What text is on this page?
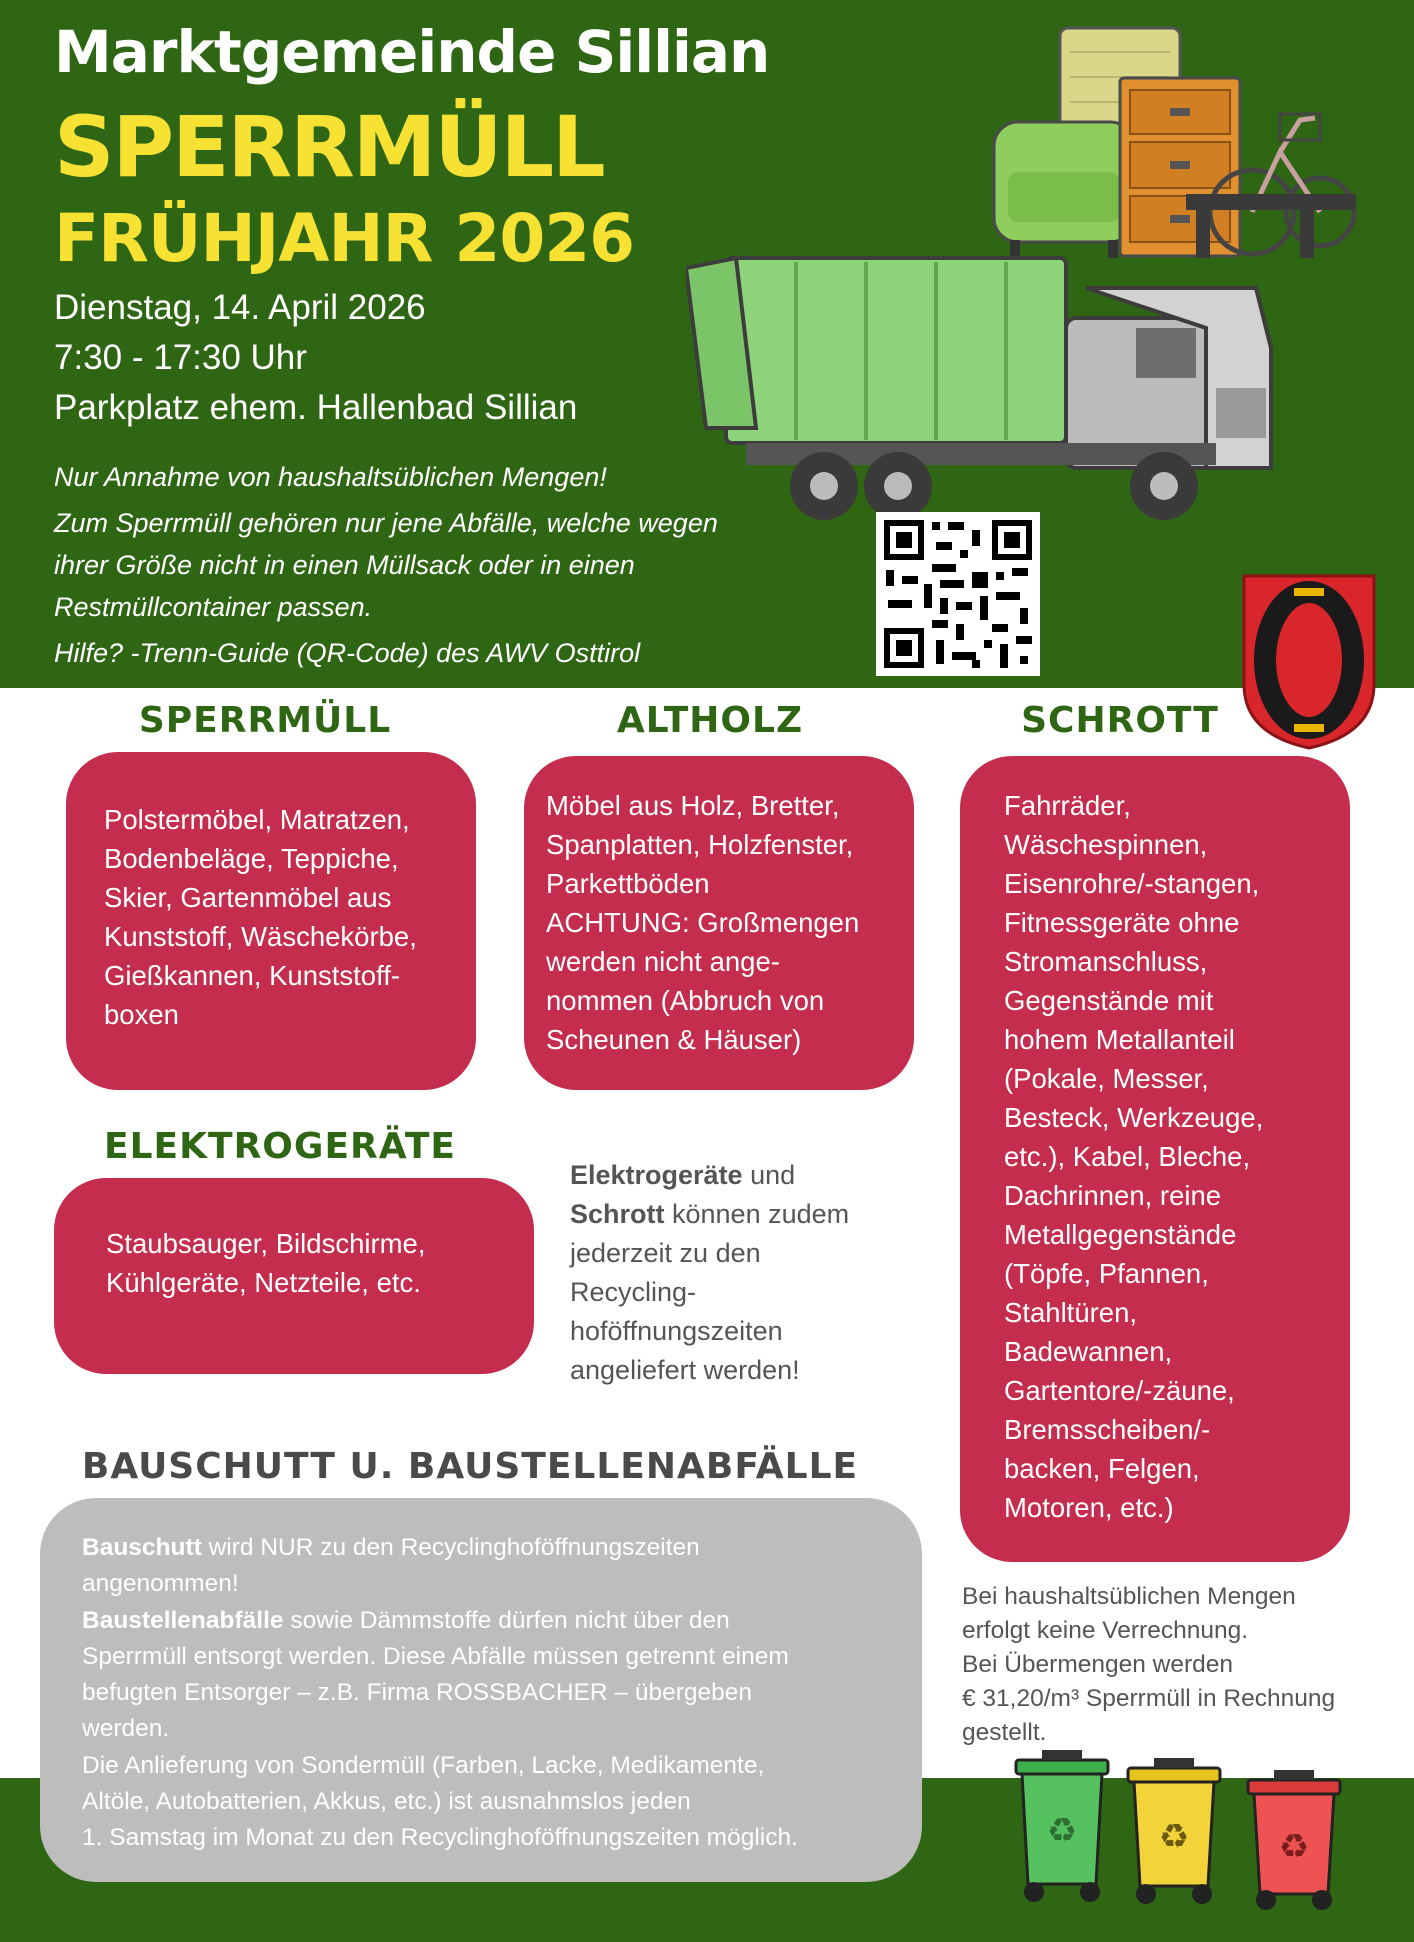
Marktgemeinde Sillian
SPERRMÜLL
FRÜHJAHR 2026
Dienstag, 14. April 2026
7:30 - 17:30 Uhr
Parkplatz ehem. Hallenbad Sillian
Nur Annahme von haushaltsüblichen Mengen!
Zum Sperrmüll gehören nur jene Abfälle, welche wegen
ihrer Größe nicht in einen Müllsack oder in einen
Restmüllcontainer passen.
Hilfe? -Trenn-Guide (QR-Code) des AWV Osttirol
SPERRMÜLL	ALTHOLZ	SCHROTT
ELEKTROGERÄTE
BAUSCHUTT U. BAUSTELLENABFÄLLE
Polstermöbel, Matratzen,
Bodenbeläge, Teppiche,
Skier, Gartenmöbel aus
Kunststoff, Wäschekörbe,
Gießkannen, Kunststoff-
boxen
Möbel aus Holz, Bretter,
Spanplatten, Holzfenster,
Parkettböden
ACHTUNG: Großmengen
werden nicht ange-
nommen (Abbruch von
Scheunen & Häuser)
Fahrräder,
Wäschespinnen,
Eisenrohre/-stangen,
Fitnessgeräte ohne
Stromanschluss,
Gegenstände mit
hohem Metallanteil
(Pokale, Messer,
Besteck, Werkzeuge,
etc.), Kabel, Bleche,
Dachrinnen, reine
Metallgegenstände
(Töpfe, Pfannen,
Stahltüren,
Badewannen,
Gartentore/-zäune,
Bremsscheiben/-
backen, Felgen,
Motoren, etc.)
Staubsauger, Bildschirme,
Kühlgeräte, Netzteile, etc.
Elektrogeräte und
Schrott können zudem
jederzeit zu den
Recycling-
hoföffnungszeiten
angeliefert werden!
Bauschutt wird NUR zu den Recyclinghoföffnungszeiten
angenommen!
Baustellenabfälle sowie Dämmstoffe dürfen nicht über den
Sperrmüll entsorgt werden. Diese Abfälle müssen getrennt einem
befugten Entsorger – z.B. Firma ROSSBACHER – übergeben
werden.
Die Anlieferung von Sondermüll (Farben, Lacke, Medikamente,
Altöle, Autobatterien, Akkus, etc.) ist ausnahmslos jeden
1. Samstag im Monat zu den Recyclinghoföffnungszeiten möglich.
Bei haushaltsüblichen Mengen
erfolgt keine Verrechnung.
Bei Übermengen werden
€ 31,20/m³ Sperrmüll in Rechnung
gestellt.
♻ ♻	♻
